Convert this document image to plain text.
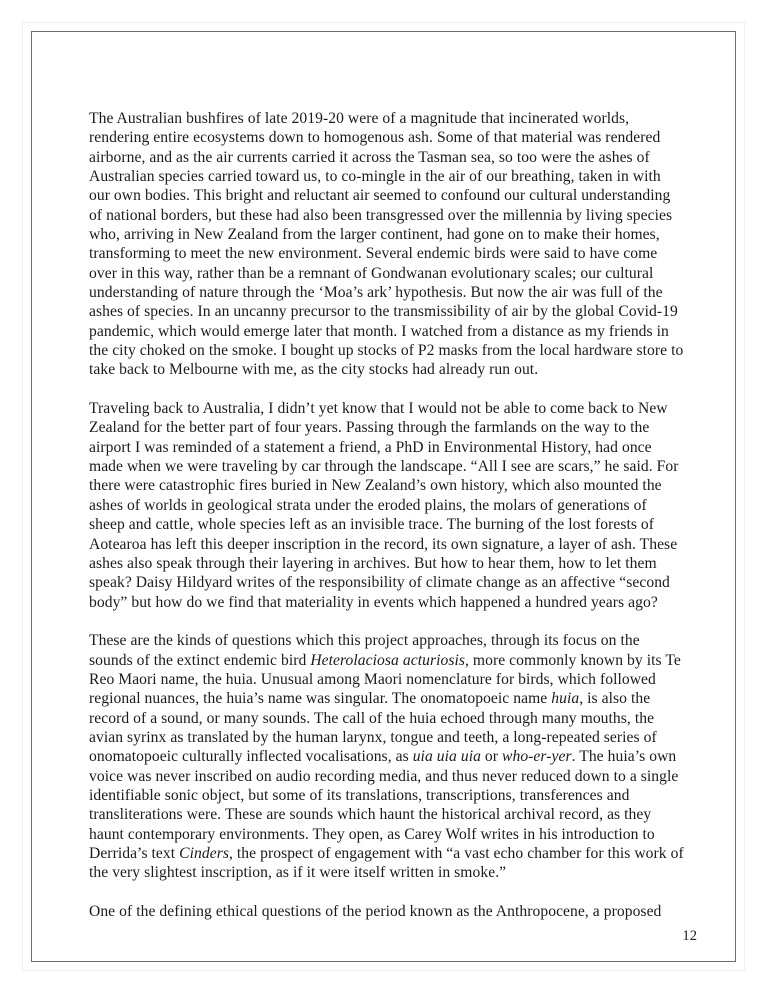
The Australian bushfires of late 2019-20 were of a magnitude that incinerated worlds, rendering entire ecosystems down to homogenous ash. Some of that material was rendered airborne, and as the air currents carried it across the Tasman sea, so too were the ashes of Australian species carried toward us, to co-mingle in the air of our breathing, taken in with our own bodies. This bright and reluctant air seemed to confound our cultural understanding of national borders, but these had also been transgressed over the millennia by living species who, arriving in New Zealand from the larger continent, had gone on to make their homes, transforming to meet the new environment. Several endemic birds were said to have come over in this way, rather than be a remnant of Gondwanan evolutionary scales; our cultural understanding of nature through the ‘Moa’s ark’ hypothesis. But now the air was full of the ashes of species. In an uncanny precursor to the transmissibility of air by the global Covid-19 pandemic, which would emerge later that month. I watched from a distance as my friends in the city choked on the smoke. I bought up stocks of P2 masks from the local hardware store to take back to Melbourne with me, as the city stocks had already run out.

Traveling back to Australia, I didn’t yet know that I would not be able to come back to New Zealand for the better part of four years. Passing through the farmlands on the way to the airport I was reminded of a statement a friend, a PhD in Environmental History, had once made when we were traveling by car through the landscape. “All I see are scars,” he said. For there were catastrophic fires buried in New Zealand’s own history, which also mounted the ashes of worlds in geological strata under the eroded plains, the molars of generations of sheep and cattle, whole species left as an invisible trace. The burning of the lost forests of Aotearoa has left this deeper inscription in the record, its own signature, a layer of ash. These ashes also speak through their layering in archives. But how to hear them, how to let them speak? Daisy Hildyard writes of the responsibility of climate change as an affective “second body” but how do we find that materiality in events which happened a hundred years ago?

These are the kinds of questions which this project approaches, through its focus on the sounds of the extinct endemic bird Heterolaciosa acturiosis, more commonly known by its Te Reo Maori name, the huia. Unusual among Maori nomenclature for birds, which followed regional nuances, the huia’s name was singular. The onomatopoeic name huia, is also the record of a sound, or many sounds. The call of the huia echoed through many mouths, the avian syrinx as translated by the human larynx, tongue and teeth, a long-repeated series of onomatopoeic culturally inflected vocalisations, as uia uia uia or who-er-yer. The huia’s own voice was never inscribed on audio recording media, and thus never reduced down to a single identifiable sonic object, but some of its translations, transcriptions, transferences and transliterations were. These are sounds which haunt the historical archival record, as they haunt contemporary environments. They open, as Carey Wolf writes in his introduction to Derrida’s text Cinders, the prospect of engagement with “a vast echo chamber for this work of the very slightest inscription, as if it were itself written in smoke.”

One of the defining ethical questions of the period known as the Anthropocene, a proposed

12
